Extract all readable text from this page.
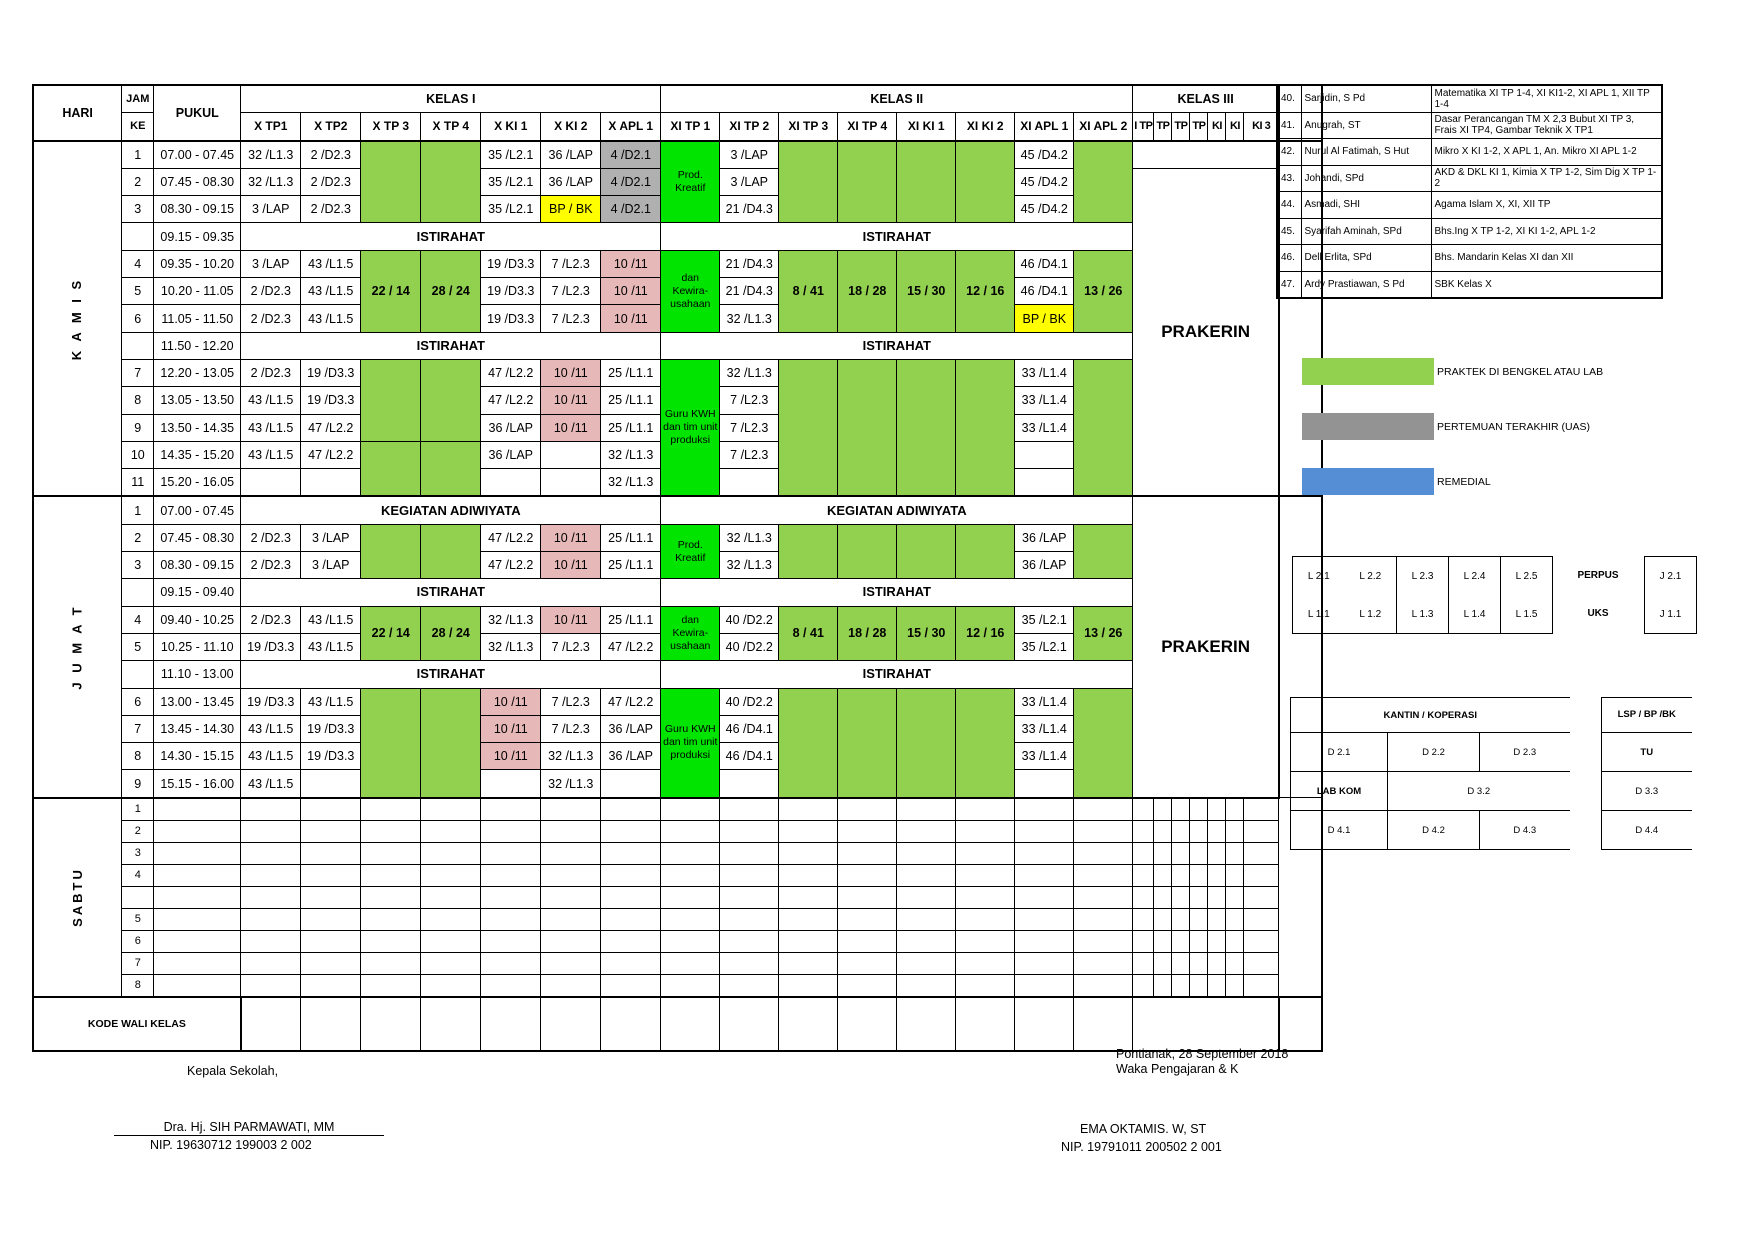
HARI	JAM	PUKUL	KELAS I							KELAS II								KELAS III							
	KE		X TP1	X TP2	X TP 3	X TP 4	X KI 1	X KI 2	X APL 1	XI TP 1	XI TP 2	XI TP 3	XI TP 4	XI KI 1	XI KI 2	XI APL 1	XI APL 2	I TP	TP	TP	TP	KI	KI	KI 3	
K A M I S	1	07.00 - 07.45	32 /L1.3	2 /D2.3			35 /L2.1	36 /LAP	4 /D2.1	Prod. Kreatif	3 /LAP					45 /D4.2									
	2	07.45 - 08.30	32 /L1.3	2 /D2.3			35 /L2.1	36 /LAP	4 /D2.1		3 /LAP					45 /D4.2		PRAKERIN							
	3	08.30 - 09.15	3 /LAP	2 /D2.3			35 /L2.1	BP / BK	4 /D2.1		21 /D4.3					45 /D4.2									
		09.15 - 09.35	ISTIRAHAT							ISTIRAHAT															
	4	09.35 - 10.20	3 /LAP	43 /L1.5	22 / 14	28 / 24	19 /D3.3	7 /L2.3	10 /11	dan Kewira-usahaan	21 /D4.3	8 / 41	18 / 28	15 / 30	12 / 16	46 /D4.1	13 / 26								
	5	10.20 - 11.05	2 /D2.3	43 /L1.5			19 /D3.3	7 /L2.3	10 /11		21 /D4.3					46 /D4.1									
	6	11.05 - 11.50	2 /D2.3	43 /L1.5			19 /D3.3	7 /L2.3	10 /11		32 /L1.3					BP / BK									
		11.50 - 12.20	ISTIRAHAT							ISTIRAHAT															
	7	12.20 - 13.05	2 /D2.3	19 /D3.3			47 /L2.2	10 /11	25 /L1.1	Guru KWH dan tim unit produksi	32 /L1.3					33 /L1.4									
	8	13.05 - 13.50	43 /L1.5	19 /D3.3			47 /L2.2	10 /11	25 /L1.1		7 /L2.3					33 /L1.4									
	9	13.50 - 14.35	43 /L1.5	47 /L2.2			36 /LAP	10 /11	25 /L1.1		7 /L2.3					33 /L1.4									
	10	14.35 - 15.20	43 /L1.5	47 /L2.2			36 /LAP		32 /L1.3		7 /L2.3														
	11	15.20 - 16.05							32 /L1.3																
J U M A T	1	07.00 - 07.45	KEGIATAN ADIWIYATA							KEGIATAN ADIWIYATA								PRAKERIN							
	2	07.45 - 08.30	2 /D2.3	3 /LAP			47 /L2.2	10 /11	25 /L1.1	Prod. Kreatif	32 /L1.3					36 /LAP									
	3	08.30 - 09.15	2 /D2.3	3 /LAP			47 /L2.2	10 /11	25 /L1.1		32 /L1.3					36 /LAP									
		09.15 - 09.40	ISTIRAHAT							ISTIRAHAT															
	4	09.40 - 10.25	2 /D2.3	43 /L1.5	22 / 14	28 / 24	32 /L1.3	10 /11	25 /L1.1	dan Kewira-usahaan	40 /D2.2	8 / 41	18 / 28	15 / 30	12 / 16	35 /L2.1	13 / 26								
	5	10.25 - 11.10	19 /D3.3	43 /L1.5			32 /L1.3	7 /L2.3	47 /L2.2		40 /D2.2					35 /L2.1									
		11.10 - 13.00	ISTIRAHAT							ISTIRAHAT															
	6	13.00 - 13.45	19 /D3.3	43 /L1.5			10 /11	7 /L2.3	47 /L2.2	Guru KWH dan tim unit produksi	40 /D2.2					33 /L1.4									
	7	13.45 - 14.30	43 /L1.5	19 /D3.3			10 /11	7 /L2.3	36 /LAP		46 /D4.1					33 /L1.4									
	8	14.30 - 15.15	43 /L1.5	19 /D3.3			10 /11	32 /L1.3	36 /LAP		46 /D4.1					33 /L1.4									
	9	15.15 - 16.00	43 /L1.5					32 /L1.3																	
SABTU	1																								
	2																								
	3																								
	4																								

	5																								
	6																								
	7																								
	8																								
KODE WALI KELAS																									
40.	Sarjidin, S Pd	Matematika XI TP 1-4, XI KI1-2, XI APL 1, XII TP 1-4
41.	Anugrah, ST	Dasar Perancangan TM X 2,3 Bubut XI TP 3, Frais XI TP4, Gambar Teknik X TP1
42.	Nurul Al Fatimah, S Hut	Mikro X KI 1-2, X APL 1, An. Mikro XI APL 1-2
43.	Johandi, SPd	AKD & DKL KI 1, Kimia X TP 1-2, Sim Dig X TP 1-2
44.	Asmadi, SHI	Agama Islam X, XI, XII TP
45.	Syarifah Aminah, SPd	Bhs.Ing X TP 1-2, XI KI 1-2, APL 1-2
46.	Dell Erlita, SPd	Bhs. Mandarin Kelas XI dan XII
47.	Ardy Prastiawan, S Pd	SBK Kelas X
PRAKTEK DI BENGKEL ATAU LAB
PERTEMUAN TERAKHIR (UAS)
REMEDIAL
L 2.1	L 2.2	L 2.3	L 2.4	L 2.5
L 1.1	L 1.2	L 1.3	L 1.4	L 1.5
PERPUS
UKS
J 2.1
J 1.1
KANTIN / KOPERASI		
D 2.1	D 2.2	D 2.3
LAB KOM	D 3.2	
D 4.1	D 4.2	D 4.3
LSP / BP /BK
TU
D 3.3
D 4.4
Pontianak, 28 September 2018
Waka Pengajaran & K
Kepala Sekolah,
Dra. Hj. SIH PARMAWATI, MM
NIP. 19630712 199003 2 002
EMA OKTAMIS. W, ST
NIP. 19791011 200502 2 001
